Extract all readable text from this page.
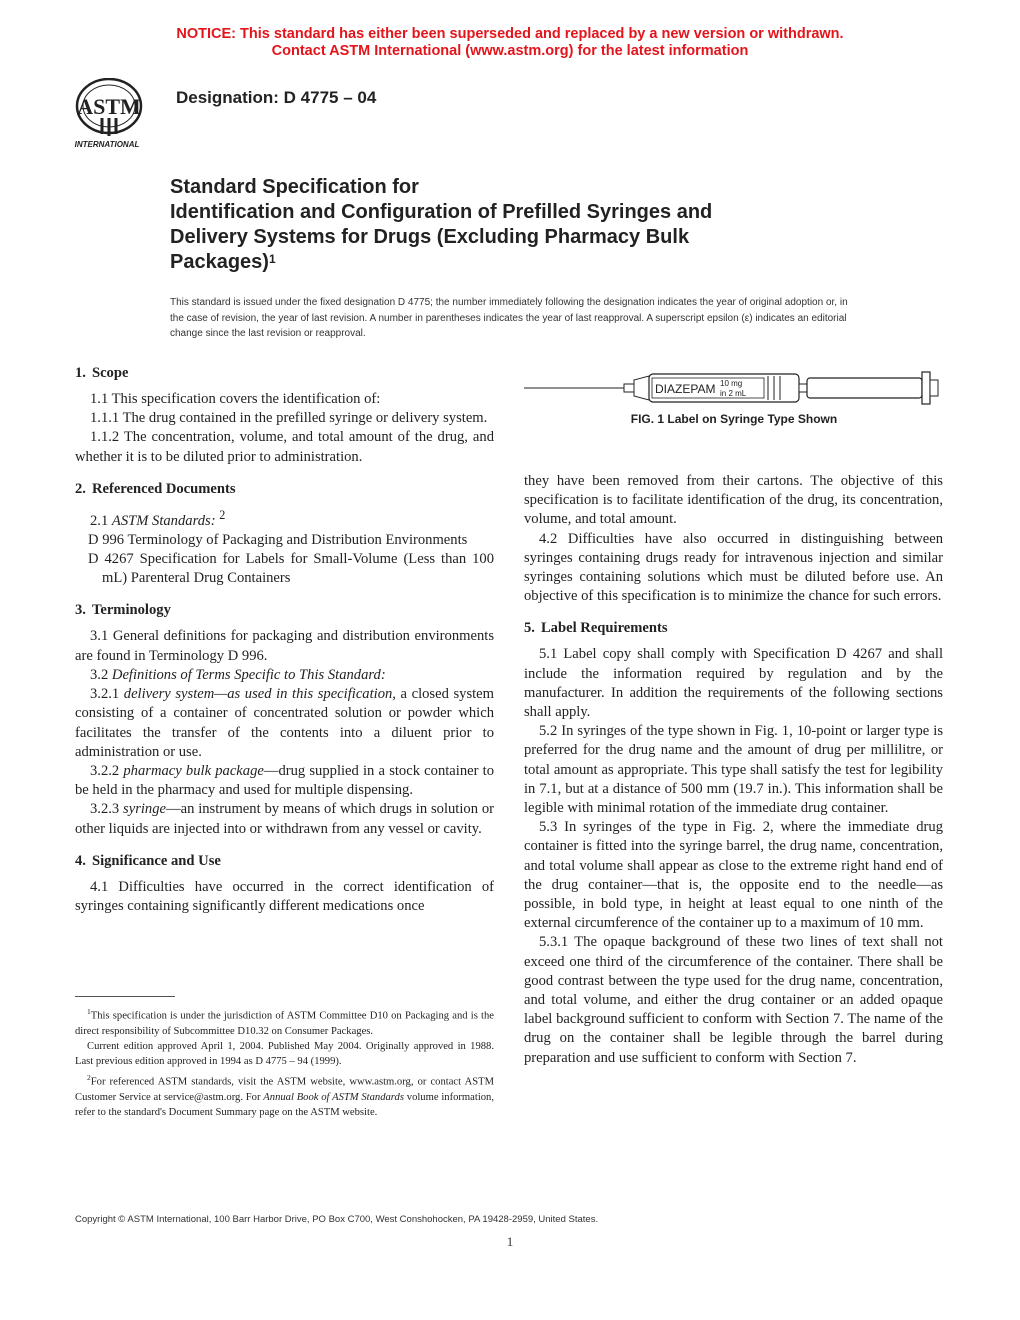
NOTICE: This standard has either been superseded and replaced by a new version or withdrawn.
Contact ASTM International (www.astm.org) for the latest information
ASTM
INTERNATIONAL
Designation: D 4775 – 04
Standard Specification for
Identification and Configuration of Prefilled Syringes and
Delivery Systems for Drugs (Excluding Pharmacy Bulk
Packages)$^1$
This standard is issued under the fixed designation D 4775; the number immediately following the designation indicates the year of original adoption or, in the case of revision, the year of last revision. A number in parentheses indicates the year of last reapproval. A superscript epsilon (ε) indicates an editorial change since the last revision or reapproval.
1. Scope

1.1 This specification covers the identification of:

1.1.1 The drug contained in the prefilled syringe or delivery system.

1.1.2 The concentration, volume, and total amount of the drug, and whether it is to be diluted prior to administration.

2. Referenced Documents

2.1 ASTM Standards: $^2$

D 996 Terminology of Packaging and Distribution Environments

D 4267 Specification for Labels for Small-Volume (Less than 100 mL) Parenteral Drug Containers

3. Terminology

3.1 General definitions for packaging and distribution environments are found in Terminology D 996.

3.2 Definitions of Terms Specific to This Standard:

3.2.1 delivery system—as used in this specification, a closed system consisting of a container of concentrated solution or powder which facilitates the transfer of the contents into a diluent prior to administration or use.

3.2.2 pharmacy bulk package—drug supplied in a stock container to be held in the pharmacy and used for multiple dispensing.

3.2.3 syringe—an instrument by means of which drugs in solution or other liquids are injected into or withdrawn from any vessel or cavity.

4. Significance and Use

4.1 Difficulties have occurred in the correct identification of syringes containing significantly different medications once

DIAZEPAM 10 mg
in 2 mL
FIG. 1 Label on Syringe Type Shown

they have been removed from their cartons. The objective of this specification is to facilitate identification of the drug, its concentration, volume, and total amount.

4.2 Difficulties have also occurred in distinguishing between syringes containing drugs ready for intravenous injection and similar syringes containing solutions which must be diluted before use. An objective of this specification is to minimize the chance for such errors.

5. Label Requirements

5.1 Label copy shall comply with Specification D 4267 and shall include the information required by regulation and by the manufacturer. In addition the requirements of the following sections shall apply.

5.2 In syringes of the type shown in Fig. 1, 10-point or larger type is preferred for the drug name and the amount of drug per millilitre, or total amount as appropriate. This type shall satisfy the test for legibility in 7.1, but at a distance of 500 mm (19.7 in.). This information shall be legible with minimal rotation of the immediate drug container.

5.3 In syringes of the type in Fig. 2, where the immediate drug container is fitted into the syringe barrel, the drug name, concentration, and total volume shall appear as close to the extreme right hand end of the drug container—that is, the opposite end to the needle—as possible, in bold type, in height at least equal to one ninth of the external circumference of the container up to a maximum of 10 mm.

5.3.1 The opaque background of these two lines of text shall not exceed one third of the circumference of the container. There shall be good contrast between the type used for the drug name, concentration, and total volume, and either the drug container or an added opaque label background sufficient to conform with Section 7. The name of the drug on the container shall be legible through the barrel during preparation and use sufficient to conform with Section 7.

$^1$This specification is under the jurisdiction of ASTM Committee D10 on Packaging and is the direct responsibility of Subcommittee D10.32 on Consumer Packages.

Current edition approved April 1, 2004. Published May 2004. Originally approved in 1988. Last previous edition approved in 1994 as D 4775 – 94 (1999).

$^2$For referenced ASTM standards, visit the ASTM website, www.astm.org, or contact ASTM Customer Service at service@astm.org. For Annual Book of ASTM Standards volume information, refer to the standard's Document Summary page on the ASTM website.

Copyright © ASTM International, 100 Barr Harbor Drive, PO Box C700, West Conshohocken, PA 19428-2959, United States.
1
